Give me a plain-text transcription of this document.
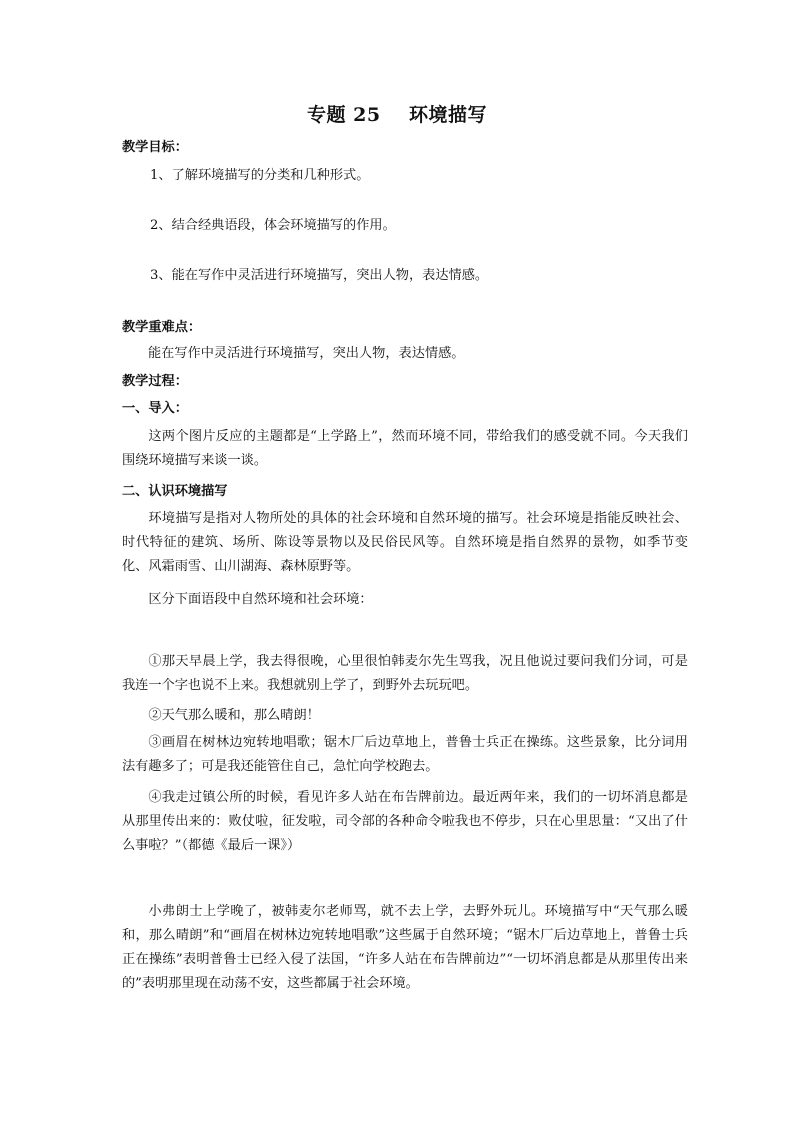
专题 25    环境描写
教学目标：
1、了解环境描写的分类和几种形式。
2、结合经典语段，体会环境描写的作用。
3、能在写作中灵活进行环境描写，突出人物，表达情感。
教学重难点：
能在写作中灵活进行环境描写，突出人物，表达情感。
教学过程：
一、导入：
这两个图片反应的主题都是“上学路上”，然而环境不同，带给我们的感受就不同。今天我们围绕环境描写来谈一谈。
二、认识环境描写
环境描写是指对人物所处的具体的社会环境和自然环境的描写。社会环境是指能反映社会、时代特征的建筑、场所、陈设等景物以及民俗民风等。自然环境是指自然界的景物，如季节变化、风霜雨雪、山川湖海、森林原野等。
区分下面语段中自然环境和社会环境：
①那天早晨上学，我去得很晚，心里很怕韩麦尔先生骂我，况且他说过要问我们分词，可是我连一个字也说不上来。我想就别上学了，到野外去玩玩吧。
②天气那么暖和，那么晴朗！
③画眉在树林边宛转地唱歌；锯木厂后边草地上，普鲁士兵正在操练。这些景象，比分词用法有趣多了；可是我还能管住自己，急忙向学校跑去。
④我走过镇公所的时候，看见许多人站在布告牌前边。最近两年来，我们的一切坏消息都是从那里传出来的：败仗啦，征发啦，司令部的各种命令啦我也不停步，只在心里思量：“又出了什么事啦？”（都德《最后一课》）
小弗朗士上学晚了，被韩麦尔老师骂，就不去上学，去野外玩儿。环境描写中“天气那么暖和，那么晴朗”和“画眉在树林边宛转地唱歌”这些属于自然环境；“锯木厂后边草地上，普鲁士兵正在操练”表明普鲁士已经入侵了法国，“许多人站在布告牌前边”“一切坏消息都是从那里传出来的”表明那里现在动荡不安，这些都属于社会环境。
